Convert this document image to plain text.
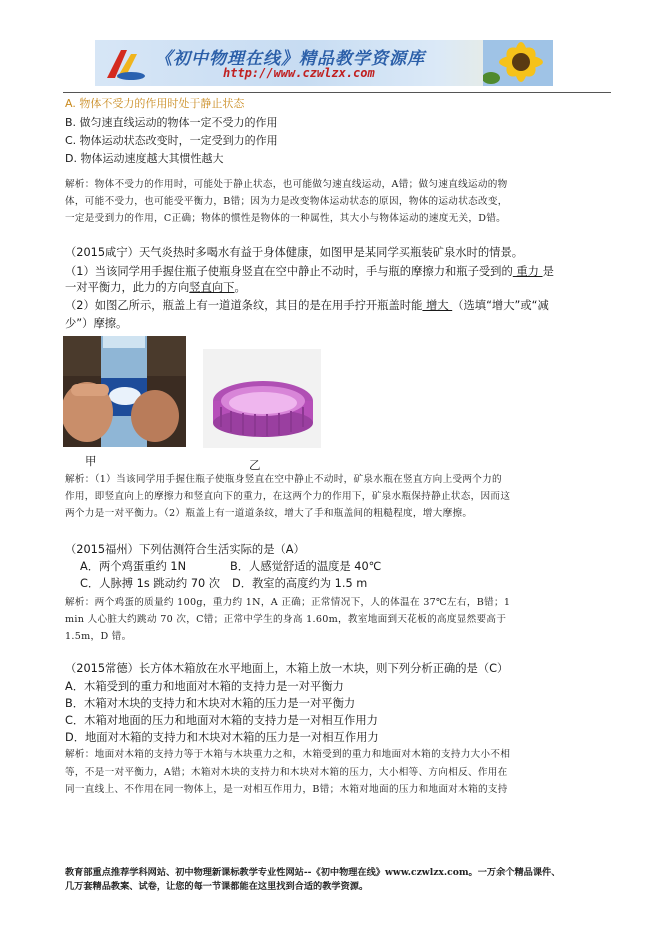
《初中物理在线》精品教学资源库
http://www.czwlzx.com
A. 物体不受力的作用时处于静止状态
B. 做匀速直线运动的物体一定不受力的作用
C. 物体运动状态改变时，一定受到力的作用
D. 物体运动速度越大其惯性越大
解析：物体不受力的作用时，可能处于静止状态，也可能做匀速直线运动，A错；做匀速直线运动的物
体，可能不受力，也可能受平衡力，B错；因为力是改变物体运动状态的原因，物体的运动状态改变，
一定是受到力的作用，C正确；物体的惯性是物体的一种属性，其大小与物体运动的速度无关，D错。
（2015咸宁）天气炎热时多喝水有益于身体健康，如图甲是某同学买瓶装矿泉水时的情景。
（1）当该同学用手握住瓶子使瓶身竖直在空中静止不动时，手与瓶的摩擦力和瓶子受到的 重力 是
一对平衡力，此力的方向竖直向下。
（2）如图乙所示，瓶盖上有一道道条纹，其目的是在用手拧开瓶盖时能 增大 （选填“增大”或“减
少”）摩擦。
甲	乙
解析：（1）当该同学用手握住瓶子使瓶身竖直在空中静止不动时，矿泉水瓶在竖直方向上受两个力的
作用，即竖直向上的摩擦力和竖直向下的重力，在这两个力的作用下，矿泉水瓶保持静止状态，因而这
两个力是一对平衡力。（2）瓶盖上有一道道条纹，增大了手和瓶盖间的粗糙程度，增大摩擦。
（2015福州）下列估测符合生活实际的是（A）
A．两个鸡蛋重约 1N	B．人感觉舒适的温度是 40℃
C．人脉搏 1s 跳动约 70 次 D．教室的高度约为 1.5 m
解析：两个鸡蛋的质量约 100g，重力约 1N，A 正确；正常情况下，人的体温在 37℃左右，B错；1
min 人心脏大约跳动 70 次，C错；正常中学生的身高 1.60m，教室地面到天花板的高度显然要高于
1.5m，D 错。
（2015常德）长方体木箱放在水平地面上，木箱上放一木块，则下列分析正确的是（C）
A．木箱受到的重力和地面对木箱的支持力是一对平衡力
B．木箱对木块的支持力和木块对木箱的压力是一对平衡力
C．木箱对地面的压力和地面对木箱的支持力是一对相互作用力
D．地面对木箱的支持力和木块对木箱的压力是一对相互作用力
解析：地面对木箱的支持力等于木箱与木块重力之和，木箱受到的重力和地面对木箱的支持力大小不相
等，不是一对平衡力，A错；木箱对木块的支持力和木块对木箱的压力，大小相等、方向相反、作用在
同一直线上、不作用在同一物体上，是一对相互作用力，B错；木箱对地面的压力和地面对木箱的支持
教育部重点推荐学科网站、初中物理新课标教学专业性网站--《初中物理在线》www.czwlzx.com。一万余个精品课件、
几万套精品教案、试卷，让您的每一节课都能在这里找到合适的教学资源。
